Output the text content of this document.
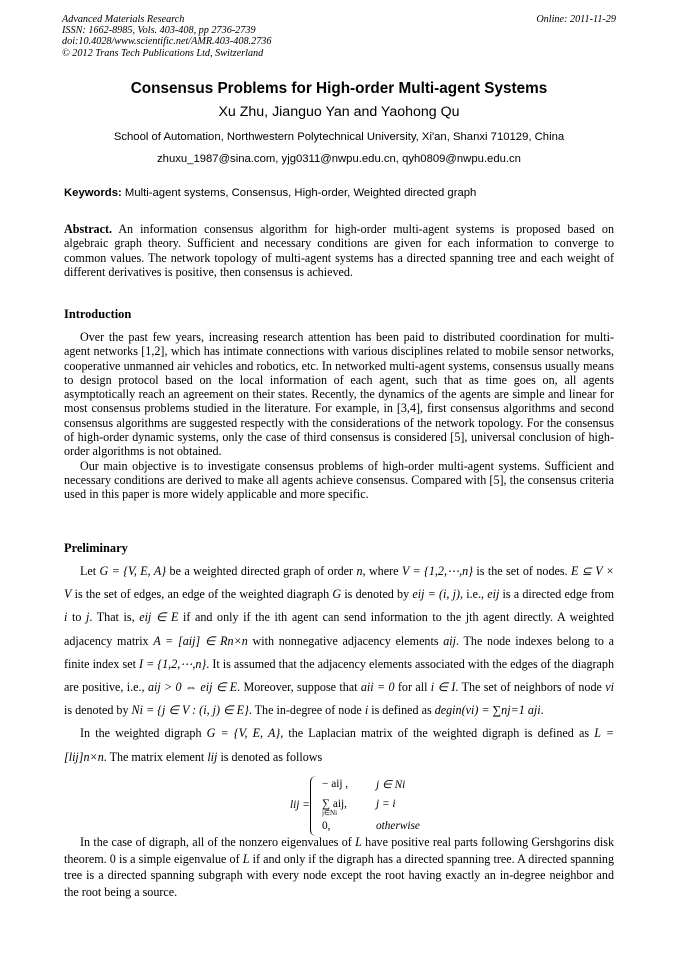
Advanced Materials Research
ISSN: 1662-8985, Vols. 403-408, pp 2736-2739
doi:10.4028/www.scientific.net/AMR.403-408.2736
© 2012 Trans Tech Publications Ltd, Switzerland
Online: 2011-11-29
Consensus Problems for High-order Multi-agent Systems
Xu Zhu, Jianguo Yan and Yaohong Qu
School of Automation, Northwestern Polytechnical University, Xi'an, Shanxi 710129, China
zhuxu_1987@sina.com, yjg0311@nwpu.edu.cn, qyh0809@nwpu.edu.cn
Keywords: Multi-agent systems, Consensus, High-order, Weighted directed graph
Abstract. An information consensus algorithm for high-order multi-agent systems is proposed based on algebraic graph theory. Sufficient and necessary conditions are given for each information to converge to common values. The network topology of multi-agent systems has a directed spanning tree and each weight of different derivatives is positive, then consensus is achieved.
Introduction

Over the past few years, increasing research attention has been paid to distributed coordination for multi-agent networks [1,2], which has intimate connections with various disciplines related to mobile sensor networks, cooperative unmanned air vehicles and robotics, etc. In networked multi-agent systems, consensus usually means to design protocol based on the local information of each agent, such that as time goes on, all agents asymptotically reach an agreement on their states. Recently, the dynamics of the agents are simple and linear for most consensus problems studied in the literature. For example, in [3,4], first consensus algorithms and second consensus algorithms are suggested respectly with the considerations of the network topology. For the consensus of high-order dynamic systems, only the case of third consensus is considered [5], universal conclusion of high-order algorithms is not obtained.

Our main objective is to investigate consensus problems of high-order multi-agent systems. Sufficient and necessary conditions are derived to make all agents achieve consensus. Compared with [5], the consensus criteria used in this paper is more widely applicable and more specific.

Preliminary

Let G = {V, E, A} be a weighted directed graph of order n, where V = {1,2,⋯,n} is the set of nodes. E ⊆ V × V is the set of edges, an edge of the weighted diagraph G is denoted by eij = (i, j), i.e., eij is a directed edge from i to j. That is, eij ∈ E if and only if the ith agent can send information to the jth agent directly. A weighted adjacency matrix A = [aij] ∈ Rn×n with nonnegative adjacency elements aij. The node indexes belong to a finite index set I = {1,2,⋯,n}. It is assumed that the adjacency elements associated with the edges of the diagraph are positive, i.e., aij > 0 ⇔ eij ∈ E. Moreover, suppose that aii = 0 for all i ∈ I. The set of neighbors of node vi is denoted by Ni = {j ∈ V : (i, j) ∈ E}. The in-degree of node i is defined as degin(vi) = ∑nj=1 aji.

In the weighted digraph G = {V, E, A}, the Laplacian matrix of the weighted digraph is defined as L = [lij]n×n. The matrix element lij is denoted as follows

lij =
− aij , j ∈ Ni
∑ aij,	j = i
j∈Ni
0,	otherwise

In the case of digraph, all of the nonzero eigenvalues of L have positive real parts following Gershgorins disk theorem. 0 is a simple eigenvalue of L if and only if the digraph has a directed spanning tree. A directed spanning tree is a directed spanning subgraph with every node except the root having exactly an in-degree neighbor and the root being a source.
